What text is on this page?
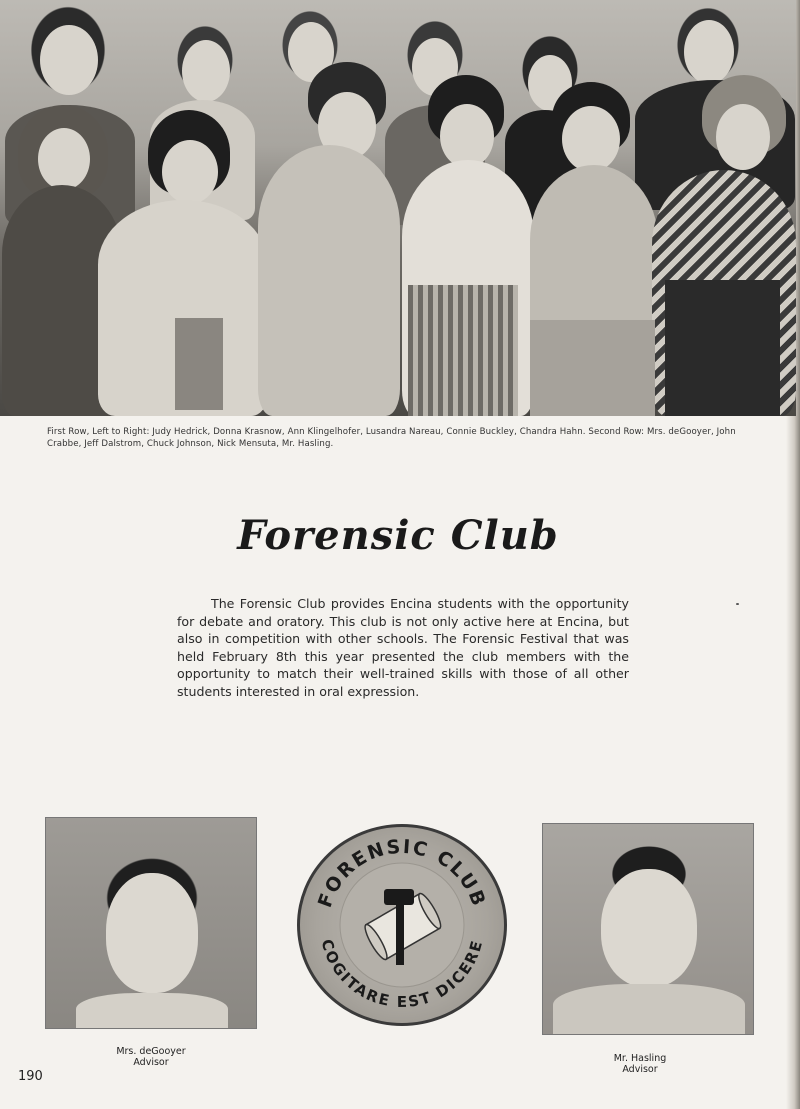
First Row, Left to Right: Judy Hedrick, Donna Krasnow, Ann Klingelhofer, Lusandra Nareau, Connie Buckley, Chandra Hahn. Second Row: Mrs. deGooyer, John Crabbe, Jeff Dalstrom, Chuck Johnson, Nick Mensuta, Mr. Hasling.

Forensic Club

The Forensic Club provides Encina students with the opportunity for debate and oratory. This club is not only active here at Encina, but also in competition with other schools. The Forensic Festival that was held February 8th this year presented the club members with the opportunity to match their well-trained skills with those of all other students interested in oral expression.

Mrs. deGooyer
Advisor
FORENSIC CLUB
COGITARE EST DICERE
Mr. Hasling
Advisor
190
